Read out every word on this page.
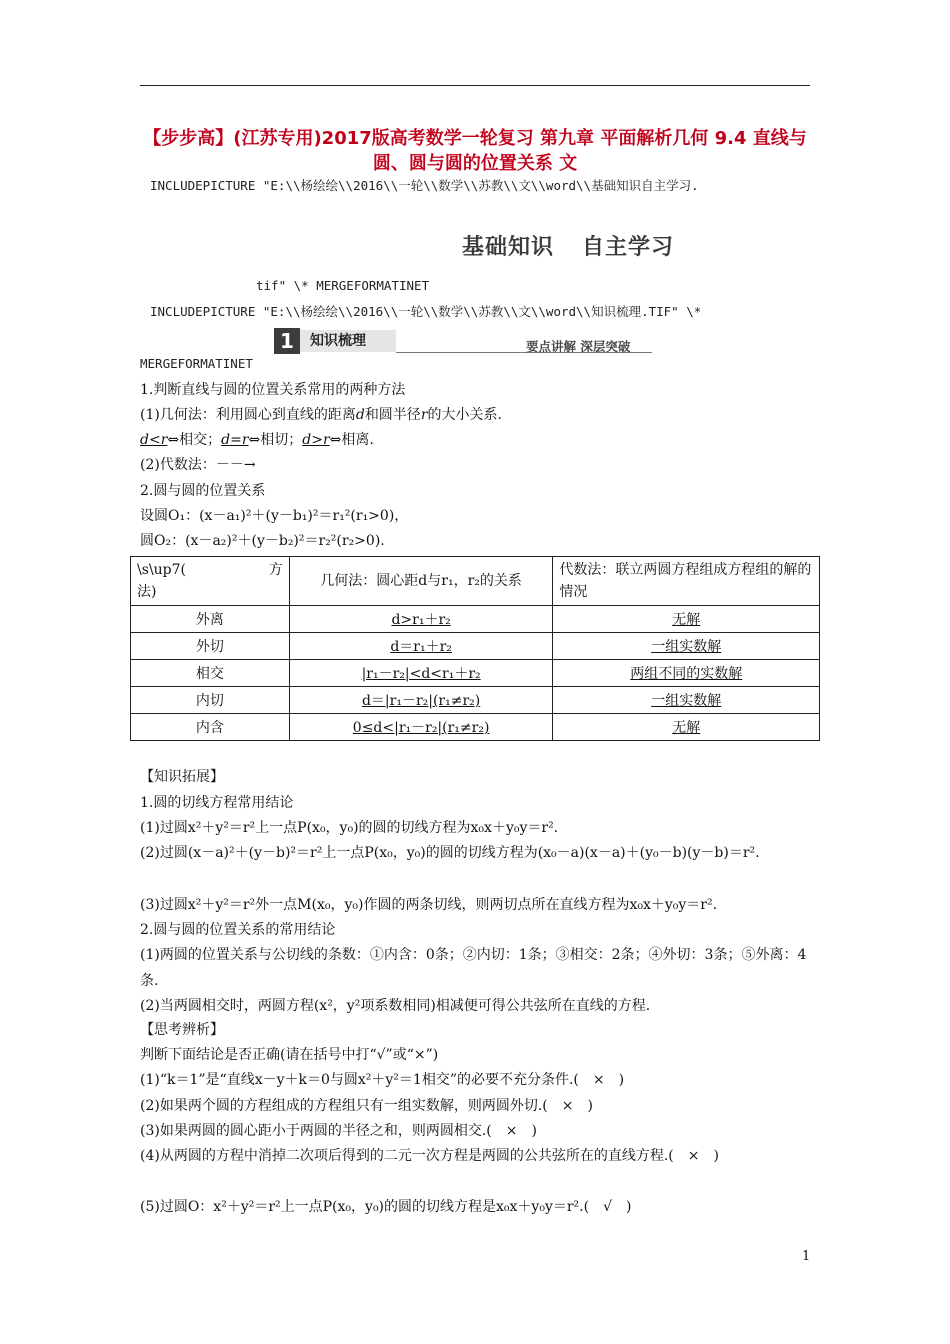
【步步高】(江苏专用)2017版高考数学一轮复习 第九章 平面解析几何 9.4 直线与圆、圆与圆的位置关系 文
INCLUDEPICTURE "E:\\杨绘绘\\2016\\一轮\\数学\\苏教\\文\\word\\基础知识自主学习.
基础知识 自主学习
tif" \* MERGEFORMATINET
INCLUDEPICTURE "E:\\杨绘绘\\2016\\一轮\\数学\\苏教\\文\\word\\知识梳理.TIF" \*
1	知识梳理	要点讲解 深层突破
MERGEFORMATINET
1.判断直线与圆的位置关系常用的两种方法
(1)几何法：利用圆心到直线的距离d和圆半径r的大小关系.
d<r⇔相交；d=r⇔相切；d>r⇔相离.
(2)代数法：－－→
2.圆与圆的位置关系
设圆O₁：(x－a₁)²＋(y－b₁)²＝r₁²(r₁>0)，
圆O₂：(x－a₂)²＋(y－b₂)²＝r₂²(r₂>0).
\s\up7( 方

法)	几何法：圆心距d与r₁，r₂的关系	代数法：联立两圆方程组成方程组的解的情况
外离	d>r₁＋r₂	无解
外切	d＝r₁＋r₂	一组实数解
相交	|r₁－r₂|<d<r₁＋r₂	两组不同的实数解
内切	d＝|r₁－r₂|(r₁≠r₂)	一组实数解
内含	0≤d<|r₁－r₂|(r₁≠r₂)	无解
【知识拓展】
1.圆的切线方程常用结论
(1)过圆x²＋y²＝r²上一点P(x₀，y₀)的圆的切线方程为x₀x＋y₀y＝r².
(2)过圆(x－a)²＋(y－b)²＝r²上一点P(x₀，y₀)的圆的切线方程为(x₀－a)(x－a)＋(y₀－b)(y－b)＝r².
(3)过圆x²＋y²＝r²外一点M(x₀，y₀)作圆的两条切线，则两切点所在直线方程为x₀x＋y₀y＝r².
2.圆与圆的位置关系的常用结论
(1)两圆的位置关系与公切线的条数：①内含：0条；②内切：1条；③相交：2条；④外切：3条；⑤外离：4条.
(2)当两圆相交时，两圆方程(x²，y²项系数相同)相减便可得公共弦所在直线的方程.
【思考辨析】
判断下面结论是否正确(请在括号中打“√”或“×”)
(1)“k＝1”是“直线x－y＋k＝0与圆x²＋y²＝1相交”的必要不充分条件.(　×　)
(2)如果两个圆的方程组成的方程组只有一组实数解，则两圆外切.(　×　)
(3)如果两圆的圆心距小于两圆的半径之和，则两圆相交.(　×　)
(4)从两圆的方程中消掉二次项后得到的二元一次方程是两圆的公共弦所在的直线方程.(　×　)
(5)过圆O：x²＋y²＝r²上一点P(x₀，y₀)的圆的切线方程是x₀x＋y₀y＝r².(　√　)
1
